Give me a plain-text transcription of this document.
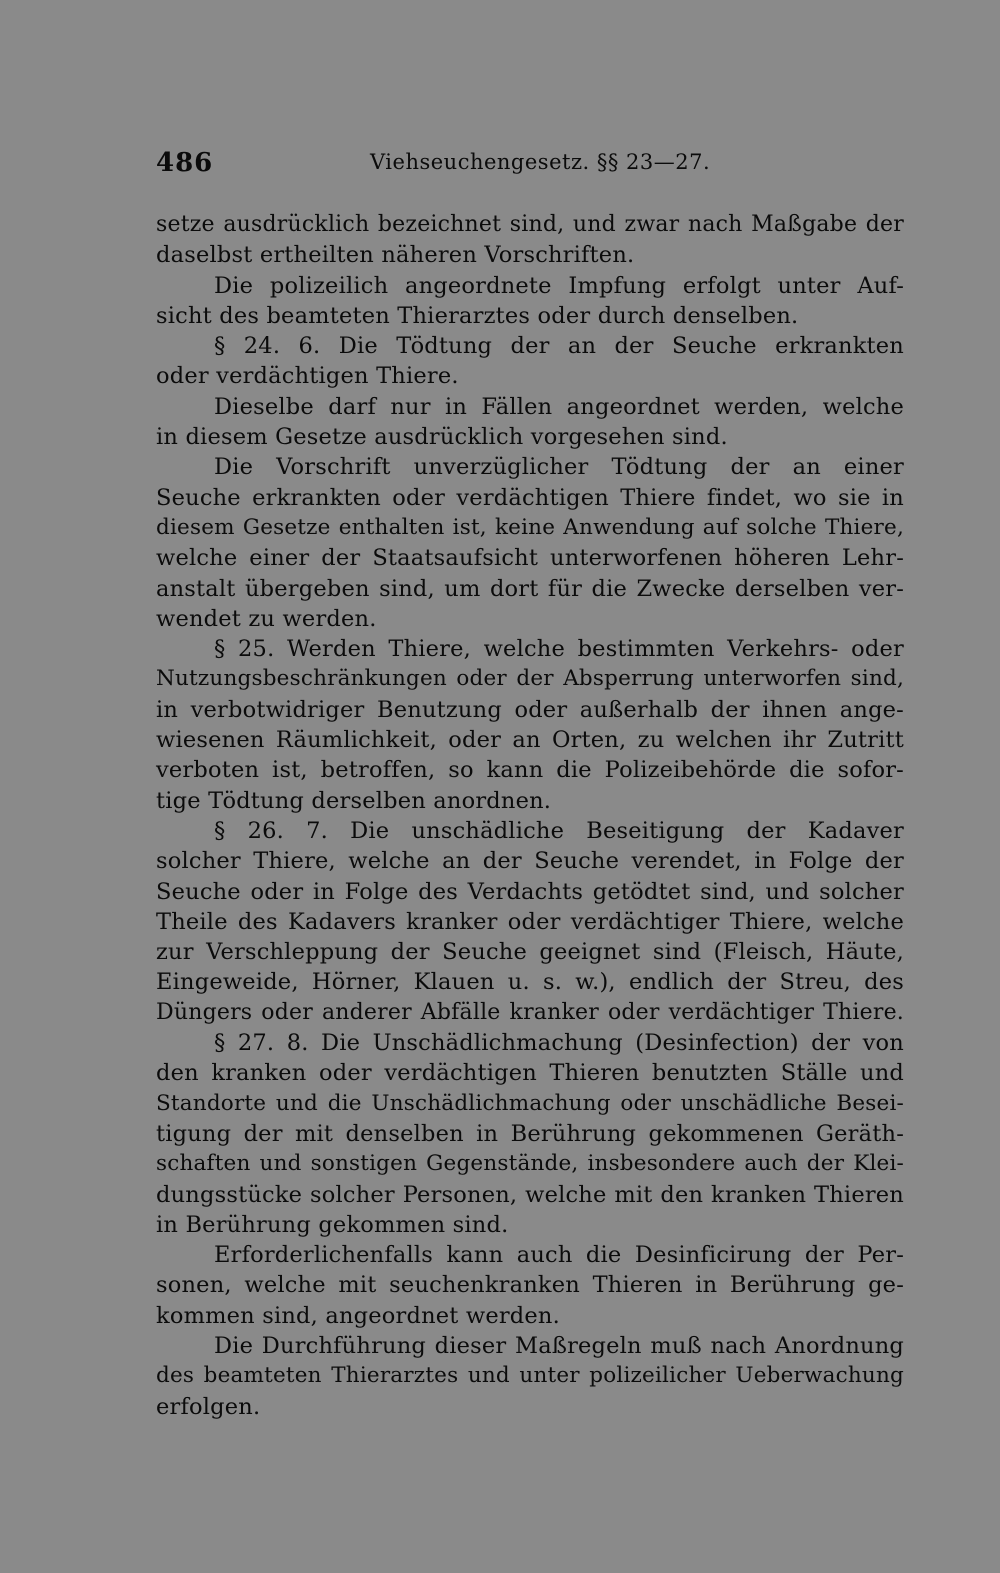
486	Viehseuchengesetz. §§ 23—27.
setze ausdrücklich bezeichnet sind, und zwar nach Maßgabe der
daselbst ertheilten näheren Vorschriften.
Die polizeilich angeordnete Impfung erfolgt unter Auf-
sicht des beamteten Thierarztes oder durch denselben.
§ 24. 6. Die Tödtung der an der Seuche erkrankten
oder verdächtigen Thiere.
Dieselbe darf nur in Fällen angeordnet werden, welche
in diesem Gesetze ausdrücklich vorgesehen sind.
Die Vorschrift unverzüglicher Tödtung der an einer
Seuche erkrankten oder verdächtigen Thiere findet, wo sie in
diesem Gesetze enthalten ist, keine Anwendung auf solche Thiere,
welche einer der Staatsaufsicht unterworfenen höheren Lehr-
anstalt übergeben sind, um dort für die Zwecke derselben ver-
wendet zu werden.
§ 25. Werden Thiere, welche bestimmten Verkehrs- oder
Nutzungsbeschränkungen oder der Absperrung unterworfen sind,
in verbotwidriger Benutzung oder außerhalb der ihnen ange-
wiesenen Räumlichkeit, oder an Orten, zu welchen ihr Zutritt
verboten ist, betroffen, so kann die Polizeibehörde die sofor-
tige Tödtung derselben anordnen.
§ 26. 7. Die unschädliche Beseitigung der Kadaver
solcher Thiere, welche an der Seuche verendet, in Folge der
Seuche oder in Folge des Verdachts getödtet sind, und solcher
Theile des Kadavers kranker oder verdächtiger Thiere, welche
zur Verschleppung der Seuche geeignet sind (Fleisch, Häute,
Eingeweide, Hörner, Klauen u. s. w.), endlich der Streu, des
Düngers oder anderer Abfälle kranker oder verdächtiger Thiere.
§ 27. 8. Die Unschädlichmachung (Desinfection) der von
den kranken oder verdächtigen Thieren benutzten Ställe und
Standorte und die Unschädlichmachung oder unschädliche Besei-
tigung der mit denselben in Berührung gekommenen Geräth-
schaften und sonstigen Gegenstände, insbesondere auch der Klei-
dungsstücke solcher Personen, welche mit den kranken Thieren
in Berührung gekommen sind.
Erforderlichenfalls kann auch die Desinficirung der Per-
sonen, welche mit seuchenkranken Thieren in Berührung ge-
kommen sind, angeordnet werden.
Die Durchführung dieser Maßregeln muß nach Anordnung
des beamteten Thierarztes und unter polizeilicher Ueberwachung
erfolgen.
